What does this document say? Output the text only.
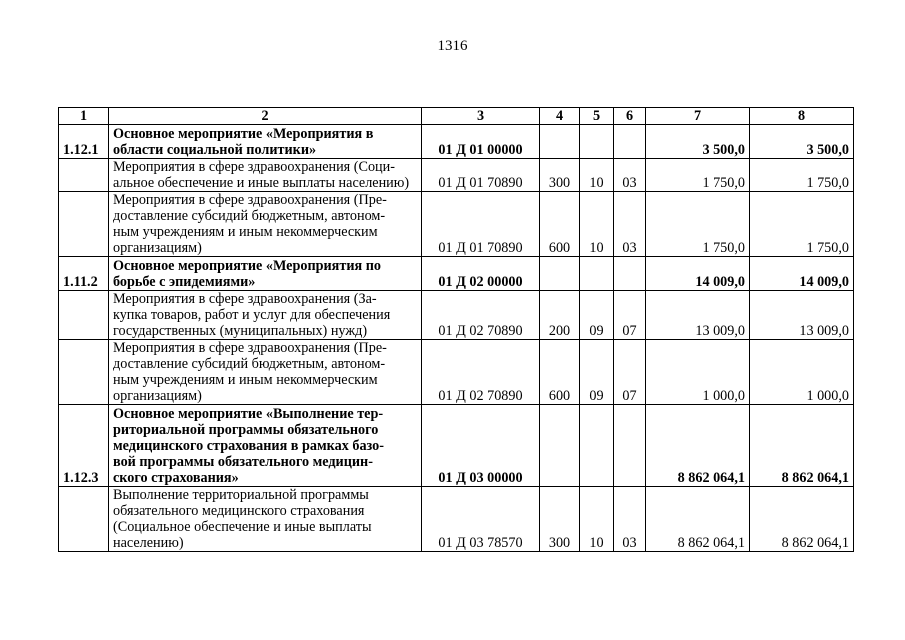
1316
1	2	3	4	5	6	7	8
1.12.1	Основное мероприятие «Мероприятия в
области социальной политики»	01 Д 01 00000				3 500,0	3 500,0

	Мероприятия в сфере здравоохранения (Соци-
альное обеспечение и иные выплаты населению)	01 Д 01 70890	300	10	03	1 750,0	1 750,0

	Мероприятия в сфере здравоохранения (Пре-
доставление субсидий бюджетным, автоном-
ным учреждениям и иным некоммерческим
организациям)	01 Д 01 70890	600	10	03	1 750,0	1 750,0
1.11.2	Основное мероприятие «Мероприятия по
борьбе с эпидемиями»	01 Д 02 00000				14 009,0	14 009,0

	Мероприятия в сфере здравоохранения (За-
купка товаров, работ и услуг для обеспечения
государственных (муниципальных) нужд)	01 Д 02 70890	200	09	07	13 009,0	13 009,0

	Мероприятия в сфере здравоохранения (Пре-
доставление субсидий бюджетным, автоном-
ным учреждениям и иным некоммерческим
организациям)	01 Д 02 70890	600	09	07	1 000,0	1 000,0
1.12.3	Основное мероприятие «Выполнение тер-
риториальной программы обязательного
медицинского страхования в рамках базо-
вой программы обязательного медицин-
ского страхования»	01 Д 03 00000				8 862 064,1	8 862 064,1

	Выполнение территориальной программы
обязательного медицинского страхования
(Социальное обеспечение и иные выплаты
населению)	01 Д 03 78570	300	10	03	8 862 064,1	8 862 064,1
